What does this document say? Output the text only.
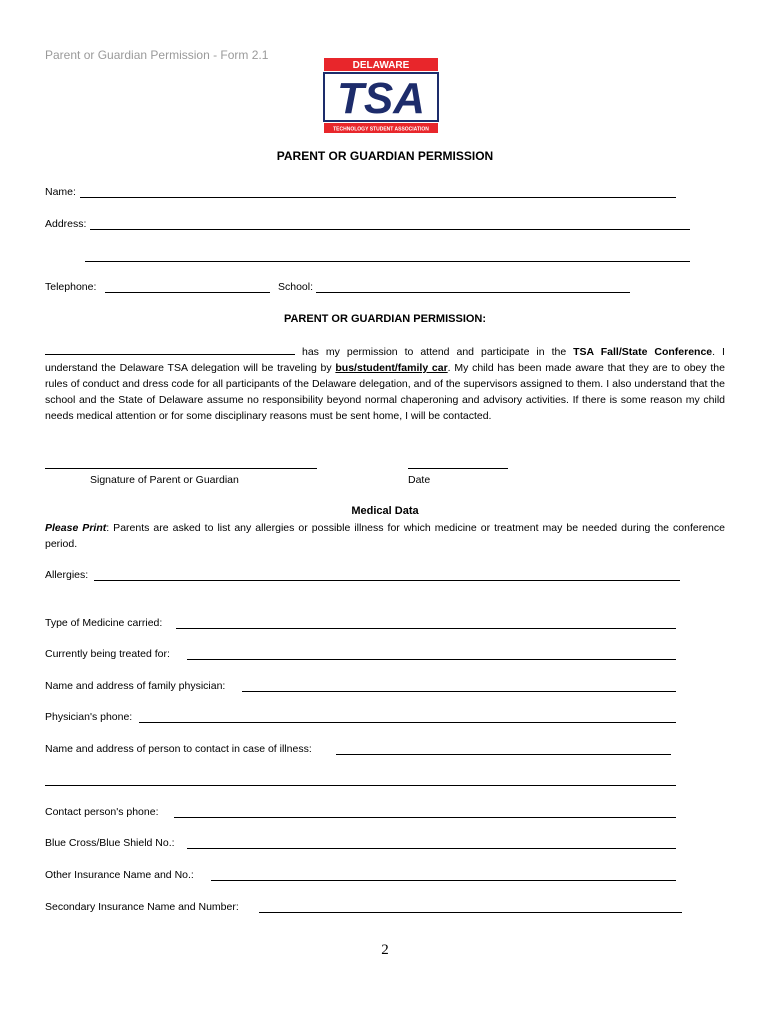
Parent or Guardian Permission - Form 2.1
DELAWARE
TSA
TECHNOLOGY STUDENT ASSOCIATION
PARENT OR GUARDIAN PERMISSION
Name:
Address:
Telephone:	School:
PARENT OR GUARDIAN PERMISSION:
has my permission to attend and participate in the TSA Fall/State Conference. I understand the Delaware TSA delegation will be traveling by bus/student/family car. My child has been made aware that they are to obey the rules of conduct and dress code for all participants of the Delaware delegation, and of the supervisors assigned to them. I also understand that the school and the State of Delaware assume no responsibility beyond normal chaperoning and advisory activities. If there is some reason my child needs medical attention or for some disciplinary reasons must be sent home, I will be contacted.
Signature of Parent or Guardian	Date
Medical Data
Please Print: Parents are asked to list any allergies or possible illness for which medicine or treatment may be needed during the conference period.
Allergies:
Type of Medicine carried:
Currently being treated for:
Name and address of family physician:
Physician's phone:
Name and address of person to contact in case of illness:
Contact person's phone:
Blue Cross/Blue Shield No.:
Other Insurance Name and No.:
Secondary Insurance Name and Number:
2
